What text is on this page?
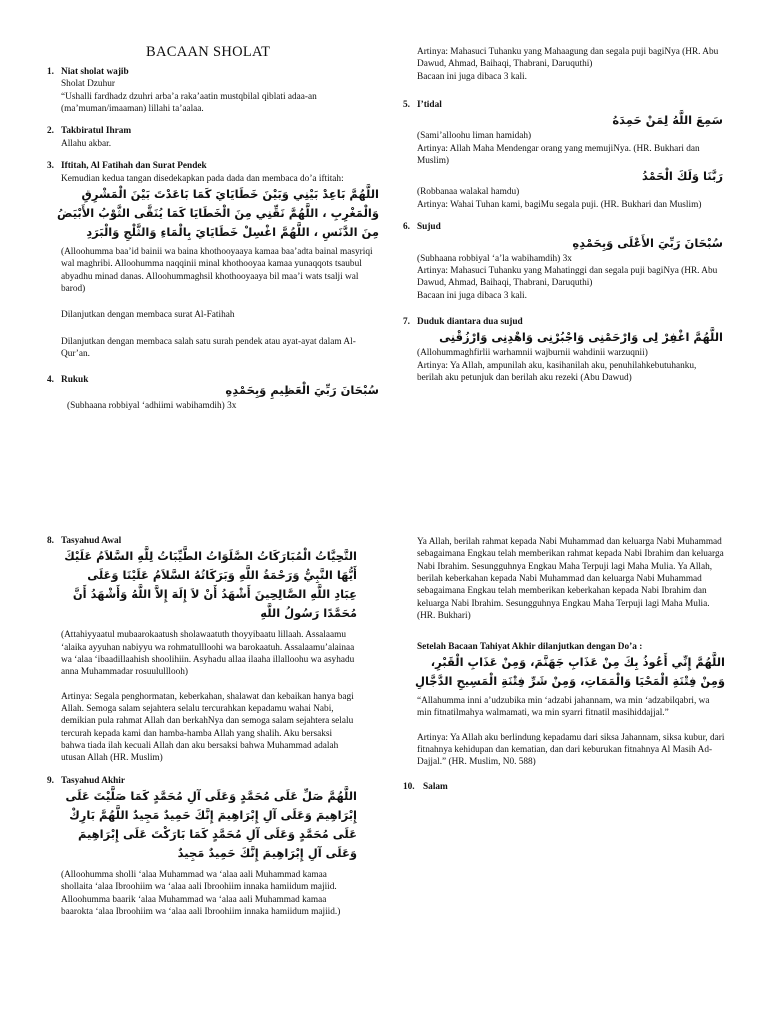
BACAAN SHOLAT
1. Niat sholat wajib

Sholat Dzuhur

“Ushalli fardhadz dzuhri arba’a raka’aatin mustqbilal qiblati adaa-an

(ma’muman/imaaman) lillahi ta’aalaa.

2. Takbiratul Ihram

Allahu akbar.

3. Iftitah, Al Fatihah dan Surat Pendek

Kemudian kedua tangan disedekapkan pada dada dan membaca do’a iftitah:

اللَّهُمَّ بَاعِدْ بَيْنِي وَبَيْنَ خَطَايَايَ كَمَا بَاعَدْتَ بَيْنَ الْمَشْرِقِ وَالْمَغْرِبِ ، اللَّهُمَّ نَقِّنِي مِنَ الْخَطَايَا كَمَا يُنَقَّى الثَّوْبُ الأَبْيَضُ مِنَ الدَّنَسِ ، اللَّهُمَّ اغْسِلْ خَطَايَايَ بِالْمَاءِ وَالثَّلْجِ وَالْبَرَدِ

(Alloohumma baa’id bainii wa baina khothooyaaya kamaa baa’adta bainal masyriqi wal maghribi. Alloohumma naqqinii minal khothooyaa kamaa yunaqqots tsaubul abyadhu minad danas. Alloohummaghsil khothooyaaya bil maa’i wats tsalji wal barod)

Dilanjutkan dengan membaca surat Al-Fatihah

Dilanjutkan dengan membaca salah satu surah pendek atau ayat-ayat dalam Al-Qur’an.

4. Rukuk

سُبْحَانَ رَبِّيَ الْعَظِيمِ وَبِحَمْدِهِ

(Subhaana robbiyal ‘adhiimi wabihamdih) 3x

Artinya: Mahasuci Tuhanku yang Mahaagung dan segala puji bagiNya (HR. Abu Dawud, Ahmad, Baihaqi, Thabrani, Daruquthi)

Bacaan ini juga dibaca 3 kali.

5. I’tidal

سَمِعَ اللَّهُ لِمَنْ حَمِدَهُ

(Sami’alloohu liman hamidah)

Artinya: Allah Maha Mendengar orang yang memujiNya. (HR. Bukhari dan Muslim)

رَبَّنَا وَلَكَ الْحَمْدُ

(Robbanaa walakal hamdu)

Artinya: Wahai Tuhan kami, bagiMu segala puji. (HR. Bukhari dan Muslim)

6. Sujud

سُبْحَانَ رَبِّيَ الأَعْلَى وَبِحَمْدِهِ

(Subhaana robbiyal ‘a’la wabihamdih) 3x

Artinya: Mahasuci Tuhanku yang Mahatinggi dan segala puji bagiNya (HR. Abu Dawud, Ahmad, Baihaqi, Thabrani, Daruquthi)

Bacaan ini juga dibaca 3 kali.

7. Duduk diantara dua sujud

اللَّهُمَّ اغْفِرْ لِى وَارْحَمْنِى وَاجْبُرْنِى وَاهْدِنِى وَارْزُقْنِى

(Allohummaghfirlii warhamnii wajburnii wahdinii warzuqnii)

Artinya: Ya Allah, ampunilah aku, kasihanilah aku, penuhilahkebutuhanku, berilah aku petunjuk dan berilah aku rezeki (Abu Dawud)

8. Tasyahud Awal

التَّحِيَّاتُ الْمُبَارَكَاتُ الصَّلَوَاتُ الطَّيِّبَاتُ لِلَّهِ السَّلاَمُ عَلَيْكَ أَيُّهَا النَّبِيُّ وَرَحْمَةُ اللَّهِ وَبَرَكَاتُهُ السَّلاَمُ عَلَيْنَا وَعَلَى عِبَادِ اللَّهِ الصَّالِحِينَ أَشْهَدُ أَنْ لاَ إِلَهَ إِلاَّ اللَّهُ وَأَشْهَدُ أَنَّ مُحَمَّدًا رَسُولُ اللَّهِ

(Attahiyyaatul mubaarokaatush sholawaatuth thoyyibaatu lillaah. Assalaamu ‘alaika ayyuhan nabiyyu wa rohmatullloohi wa barokaatuh. Assalaamu’alainaa wa ‘alaa ‘ibaadillaahish shoolihiin. Asyhadu allaa ilaaha illalloohu wa asyhadu anna Muhammadar rosuululllooh)

Artinya: Segala penghormatan, keberkahan, shalawat dan kebaikan hanya bagi Allah. Semoga salam sejahtera selalu tercurahkan kepadamu wahai Nabi, demikian pula rahmat Allah dan berkahNya dan semoga salam sejahtera selalu tercurah kepada kami dan hamba-hamba Allah yang shalih. Aku bersaksi bahwa tiada ilah kecuali Allah dan aku bersaksi bahwa Muhammad adalah utusan Allah (HR. Muslim)

9. Tasyahud Akhir

اللَّهُمَّ صَلِّ عَلَى مُحَمَّدٍ وَعَلَى آلِ مُحَمَّدٍ كَمَا صَلَّيْتَ عَلَى إِبْرَاهِيمَ وَعَلَى آلِ إِبْرَاهِيمَ إِنَّكَ حَمِيدٌ مَجِيدٌ اللَّهُمَّ بَارِكْ عَلَى مُحَمَّدٍ وَعَلَى آلِ مُحَمَّدٍ كَمَا بَارَكْتَ عَلَى إِبْرَاهِيمَ وَعَلَى آلِ إِبْرَاهِيمَ إِنَّكَ حَمِيدٌ مَجِيدٌ

(Alloohumma sholli ‘alaa Muhammad wa ‘alaa aali Muhammad kamaa shollaita ‘alaa Ibroohiim wa ‘alaa aali Ibroohiim innaka hamiidum majiid. Alloohumma baarik ‘alaa Muhammad wa ‘alaa aali Muhammad kamaa baarokta ‘alaa Ibroohiim wa ‘alaa aali Ibroohiim innaka hamiidum majiid.)

Ya Allah, berilah rahmat kepada Nabi Muhammad dan keluarga Nabi Muhammad sebagaimana Engkau telah memberikan rahmat kepada Nabi Ibrahim dan keluarga Nabi Ibrahim. Sesungguhnya Engkau Maha Terpuji lagi Maha Mulia. Ya Allah, berilah keberkahan kepada Nabi Muhammad dan keluarga Nabi Muhammad sebagaimana Engkau telah memberikan keberkahan kepada Nabi Ibrahim dan keluarga Nabi Ibrahim. Sesungguhnya Engkau Maha Terpuji lagi Maha Mulia. (HR. Bukhari)

Setelah Bacaan Tahiyat Akhir dilanjutkan dengan Do’a :

اللَّهُمَّ إِنِّي أَعُوذُ بِكَ مِنْ عَذَابِ جَهَنَّمَ، وَمِنْ عَذَابِ الْقَبْرِ، وَمِنْ فِتْنَةِ الْمَحْيَا وَالْمَمَاتِ، وَمِنْ شَرِّ فِتْنَةِ الْمَسِيحِ الدَّجَّالِ

“Allahumma inni a’udzubika min ‘adzabi jahannam, wa min ‘adzabilqabri, wa min fitnatilmahya walmamati, wa min syarri fitnatil masihiddajjal.”

Artinya: Ya Allah aku berlindung kepadamu dari siksa Jahannam, siksa kubur, dari fitnahnya kehidupan dan kematian, dan dari keburukan fitnahnya Al Masih Ad-Dajjal.” (HR. Muslim, N0. 588)

10. Salam
